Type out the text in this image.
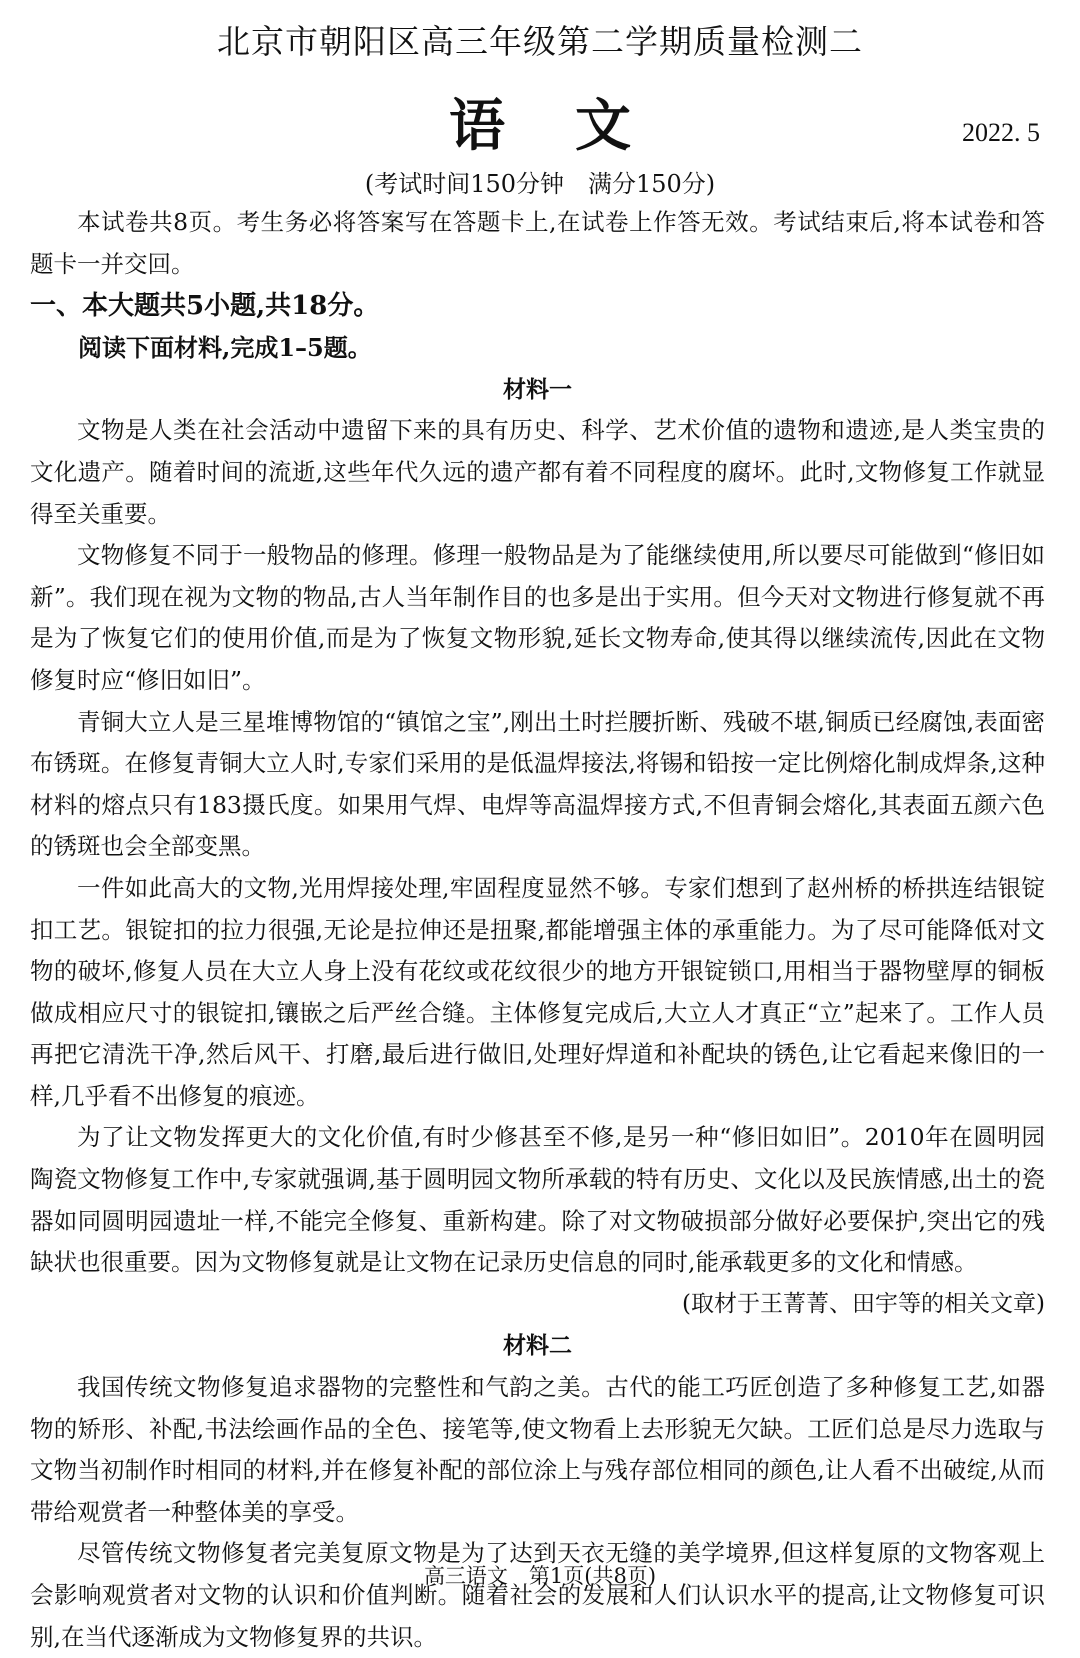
北京市朝阳区高三年级第二学期质量检测二
语文	2022. 5
(考试时间150分钟　满分150分)

本试卷共8页。考生务必将答案写在答题卡上,在试卷上作答无效。考试结束后,将本试卷和答题卡一并交回。

一、本大题共5小题,共18分。

阅读下面材料,完成1–5题。

材料一

文物是人类在社会活动中遗留下来的具有历史、科学、艺术价值的遗物和遗迹,是人类宝贵的文化遗产。随着时间的流逝,这些年代久远的遗产都有着不同程度的腐坏。此时,文物修复工作就显得至关重要。

文物修复不同于一般物品的修理。修理一般物品是为了能继续使用,所以要尽可能做到“修旧如新”。我们现在视为文物的物品,古人当年制作目的也多是出于实用。但今天对文物进行修复就不再是为了恢复它们的使用价值,而是为了恢复文物形貌,延长文物寿命,使其得以继续流传,因此在文物修复时应“修旧如旧”。

青铜大立人是三星堆博物馆的“镇馆之宝”,刚出土时拦腰折断、残破不堪,铜质已经腐蚀,表面密布锈斑。在修复青铜大立人时,专家们采用的是低温焊接法,将锡和铅按一定比例熔化制成焊条,这种材料的熔点只有183摄氏度。如果用气焊、电焊等高温焊接方式,不但青铜会熔化,其表面五颜六色的锈斑也会全部变黑。

一件如此高大的文物,光用焊接处理,牢固程度显然不够。专家们想到了赵州桥的桥拱连结银锭扣工艺。银锭扣的拉力很强,无论是拉伸还是扭聚,都能增强主体的承重能力。为了尽可能降低对文物的破坏,修复人员在大立人身上没有花纹或花纹很少的地方开银锭锁口,用相当于器物壁厚的铜板做成相应尺寸的银锭扣,镶嵌之后严丝合缝。主体修复完成后,大立人才真正“立”起来了。工作人员再把它清洗干净,然后风干、打磨,最后进行做旧,处理好焊道和补配块的锈色,让它看起来像旧的一样,几乎看不出修复的痕迹。

为了让文物发挥更大的文化价值,有时少修甚至不修,是另一种“修旧如旧”。2010年在圆明园陶瓷文物修复工作中,专家就强调,基于圆明园文物所承载的特有历史、文化以及民族情感,出土的瓷器如同圆明园遗址一样,不能完全修复、重新构建。除了对文物破损部分做好必要保护,突出它的残缺状也很重要。因为文物修复就是让文物在记录历史信息的同时,能承载更多的文化和情感。

(取材于王菁菁、田宇等的相关文章)

材料二

我国传统文物修复追求器物的完整性和气韵之美。古代的能工巧匠创造了多种修复工艺,如器物的矫形、补配,书法绘画作品的全色、接笔等,使文物看上去形貌无欠缺。工匠们总是尽力选取与文物当初制作时相同的材料,并在修复补配的部位涂上与残存部位相同的颜色,让人看不出破绽,从而带给观赏者一种整体美的享受。

尽管传统文物修复者完美复原文物是为了达到天衣无缝的美学境界,但这样复原的文物客观上会影响观赏者对文物的认识和价值判断。随着社会的发展和人们认识水平的提高,让文物修复可识别,在当代逐渐成为文物修复界的共识。

高三语文　第1页(共8页)
